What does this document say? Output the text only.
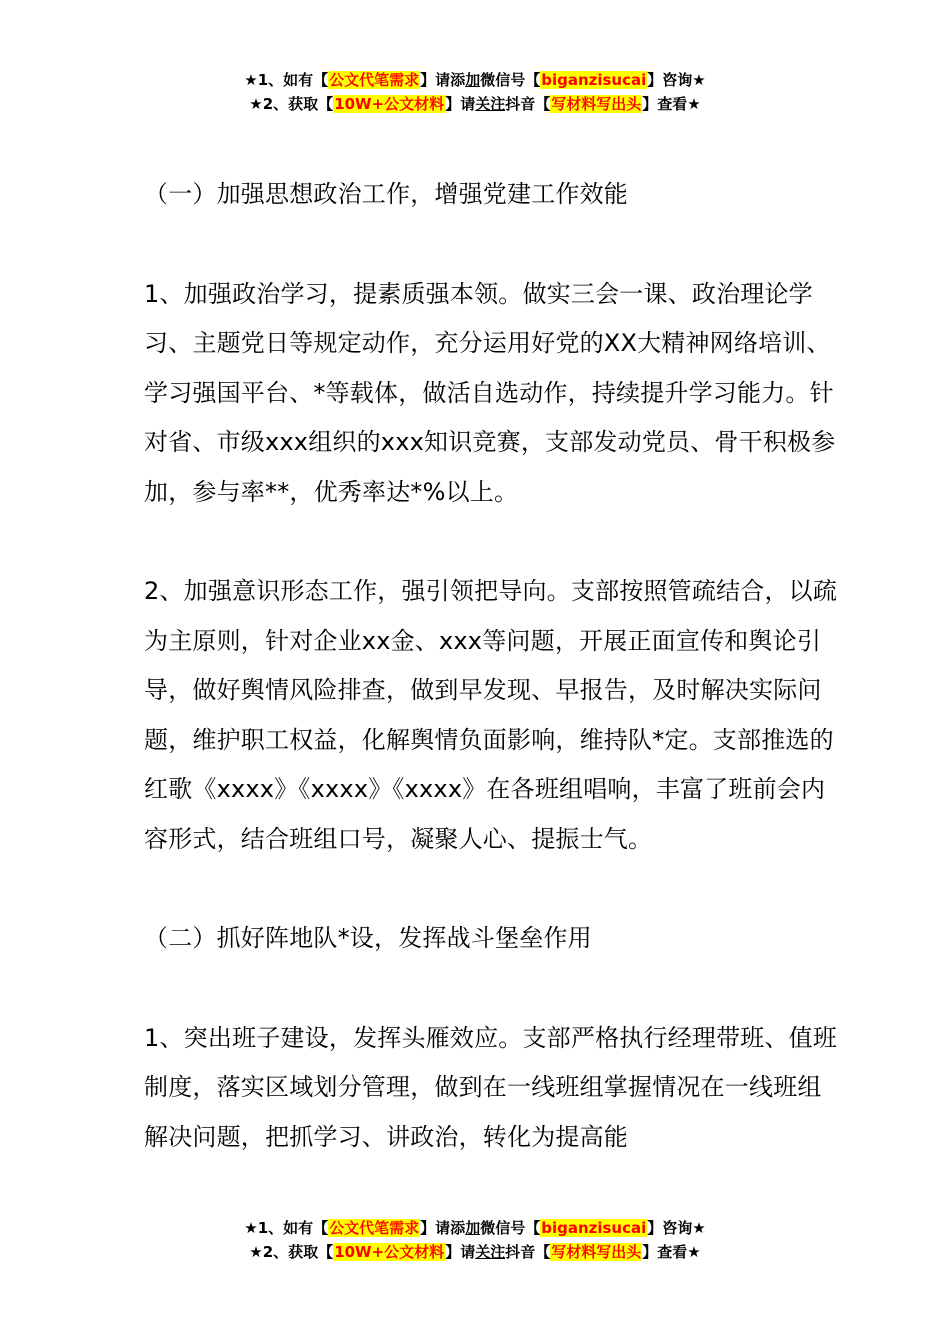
★1、如有【公文代笔需求】请添加微信号【biganzisucai】咨询★
★2、获取【10W+公文材料】请关注抖音【写材料写出头】查看★

（一）加强思想政治工作，增强党建工作效能

1、加强政治学习，提素质强本领。做实三会一课、政治理论学习、主题党日等规定动作，充分运用好党的XX大精神网络培训、学习强国平台、*等载体，做活自选动作，持续提升学习能力。针对省、市级xxx组织的xxx知识竞赛，支部发动党员、骨干积极参加，参与率**，优秀率达*%以上。

2、加强意识形态工作，强引领把导向。支部按照管疏结合，以疏为主原则，针对企业xx金、xxx等问题，开展正面宣传和舆论引导，做好舆情风险排查，做到早发现、早报告，及时解决实际问题，维护职工权益，化解舆情负面影响，维持队*定。支部推选的红歌《xxxx》《xxxx》《xxxx》在各班组唱响，丰富了班前会内容形式，结合班组口号，凝聚人心、提振士气。

（二）抓好阵地队*设，发挥战斗堡垒作用

1、突出班子建设，发挥头雁效应。支部严格执行经理带班、值班制度，落实区域划分管理，做到在一线班组掌握情况在一线班组解决问题，把抓学习、讲政治，转化为提高能

★1、如有【公文代笔需求】请添加微信号【biganzisucai】咨询★
★2、获取【10W+公文材料】请关注抖音【写材料写出头】查看★
